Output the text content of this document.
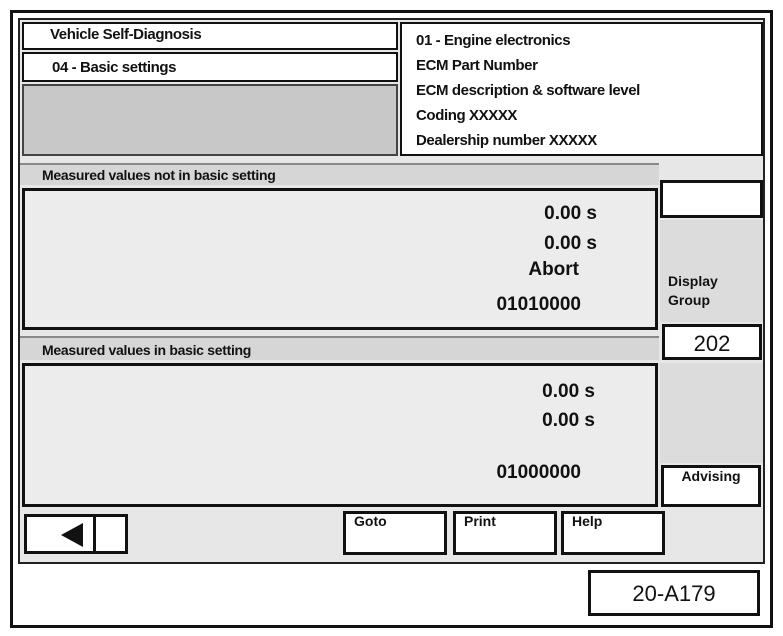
Vehicle Self-Diagnosis
04 - Basic settings
01 - Engine electronics
ECM Part Number
ECM description & software level
Coding XXXXX
Dealership number XXXXX
Measured values not in basic setting
0.00 s
0.00 s
Abort
01010000
Measured values in basic setting
0.00 s
0.00 s
01000000
Display
Group
202
Advising
Goto	Print	Help
20-A179
